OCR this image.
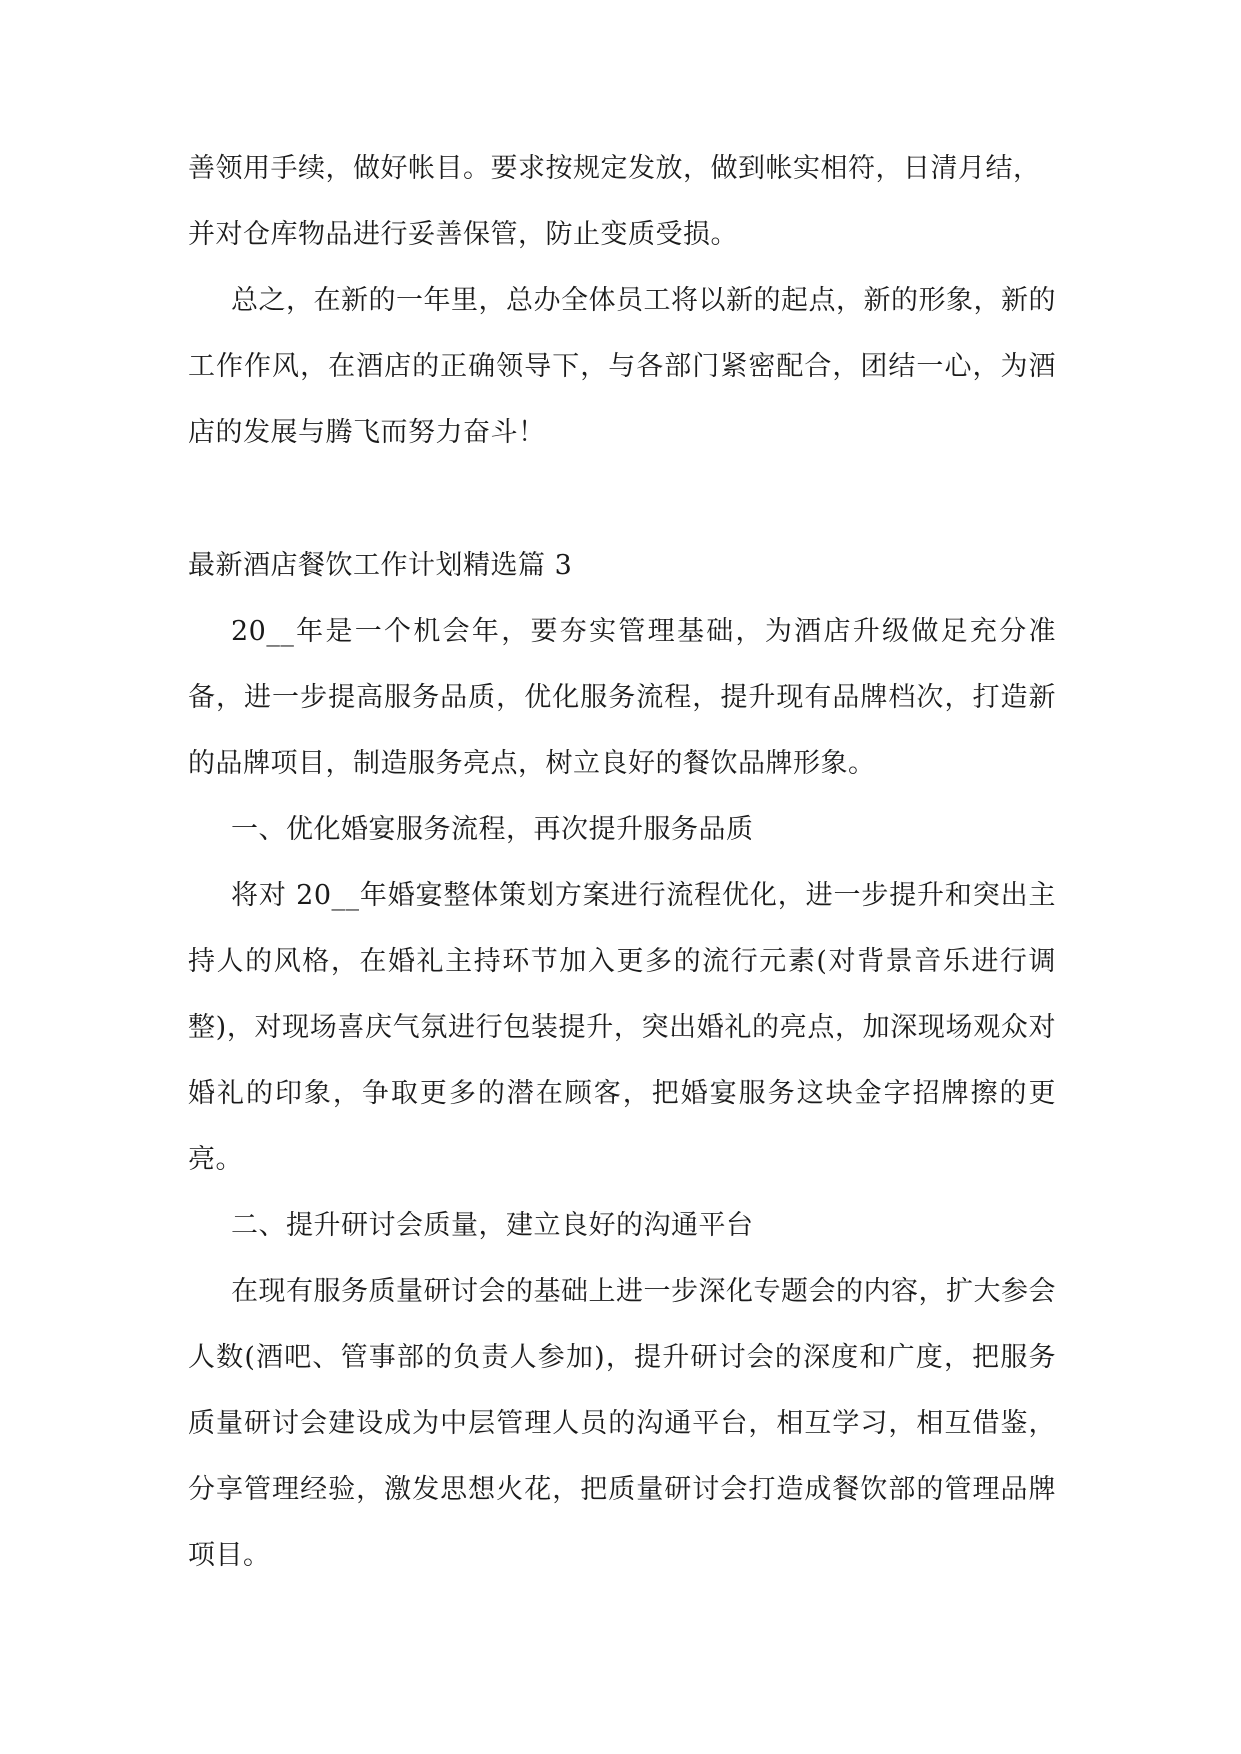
善领用手续，做好帐目。要求按规定发放，做到帐实相符，日清月结，

并对仓库物品进行妥善保管，防止变质受损。

总之，在新的一年里，总办全体员工将以新的起点，新的形象，新的工作作风，在酒店的正确领导下，与各部门紧密配合，团结一心，为酒店的发展与腾飞而努力奋斗！

最新酒店餐饮工作计划精选篇 3

20__年是一个机会年，要夯实管理基础，为酒店升级做足充分准备，进一步提高服务品质，优化服务流程，提升现有品牌档次，打造新的品牌项目，制造服务亮点，树立良好的餐饮品牌形象。

一、优化婚宴服务流程，再次提升服务品质

将对 20__年婚宴整体策划方案进行流程优化，进一步提升和突出主持人的风格，在婚礼主持环节加入更多的流行元素(对背景音乐进行调整)，对现场喜庆气氛进行包装提升，突出婚礼的亮点，加深现场观众对婚礼的印象，争取更多的潜在顾客，把婚宴服务这块金字招牌擦的更亮。

二、提升研讨会质量，建立良好的沟通平台

在现有服务质量研讨会的基础上进一步深化专题会的内容，扩大参会人数(酒吧、管事部的负责人参加)，提升研讨会的深度和广度，把服务质量研讨会建设成为中层管理人员的沟通平台，相互学习，相互借鉴，分享管理经验，激发思想火花，把质量研讨会打造成餐饮部的管理品牌项目。
